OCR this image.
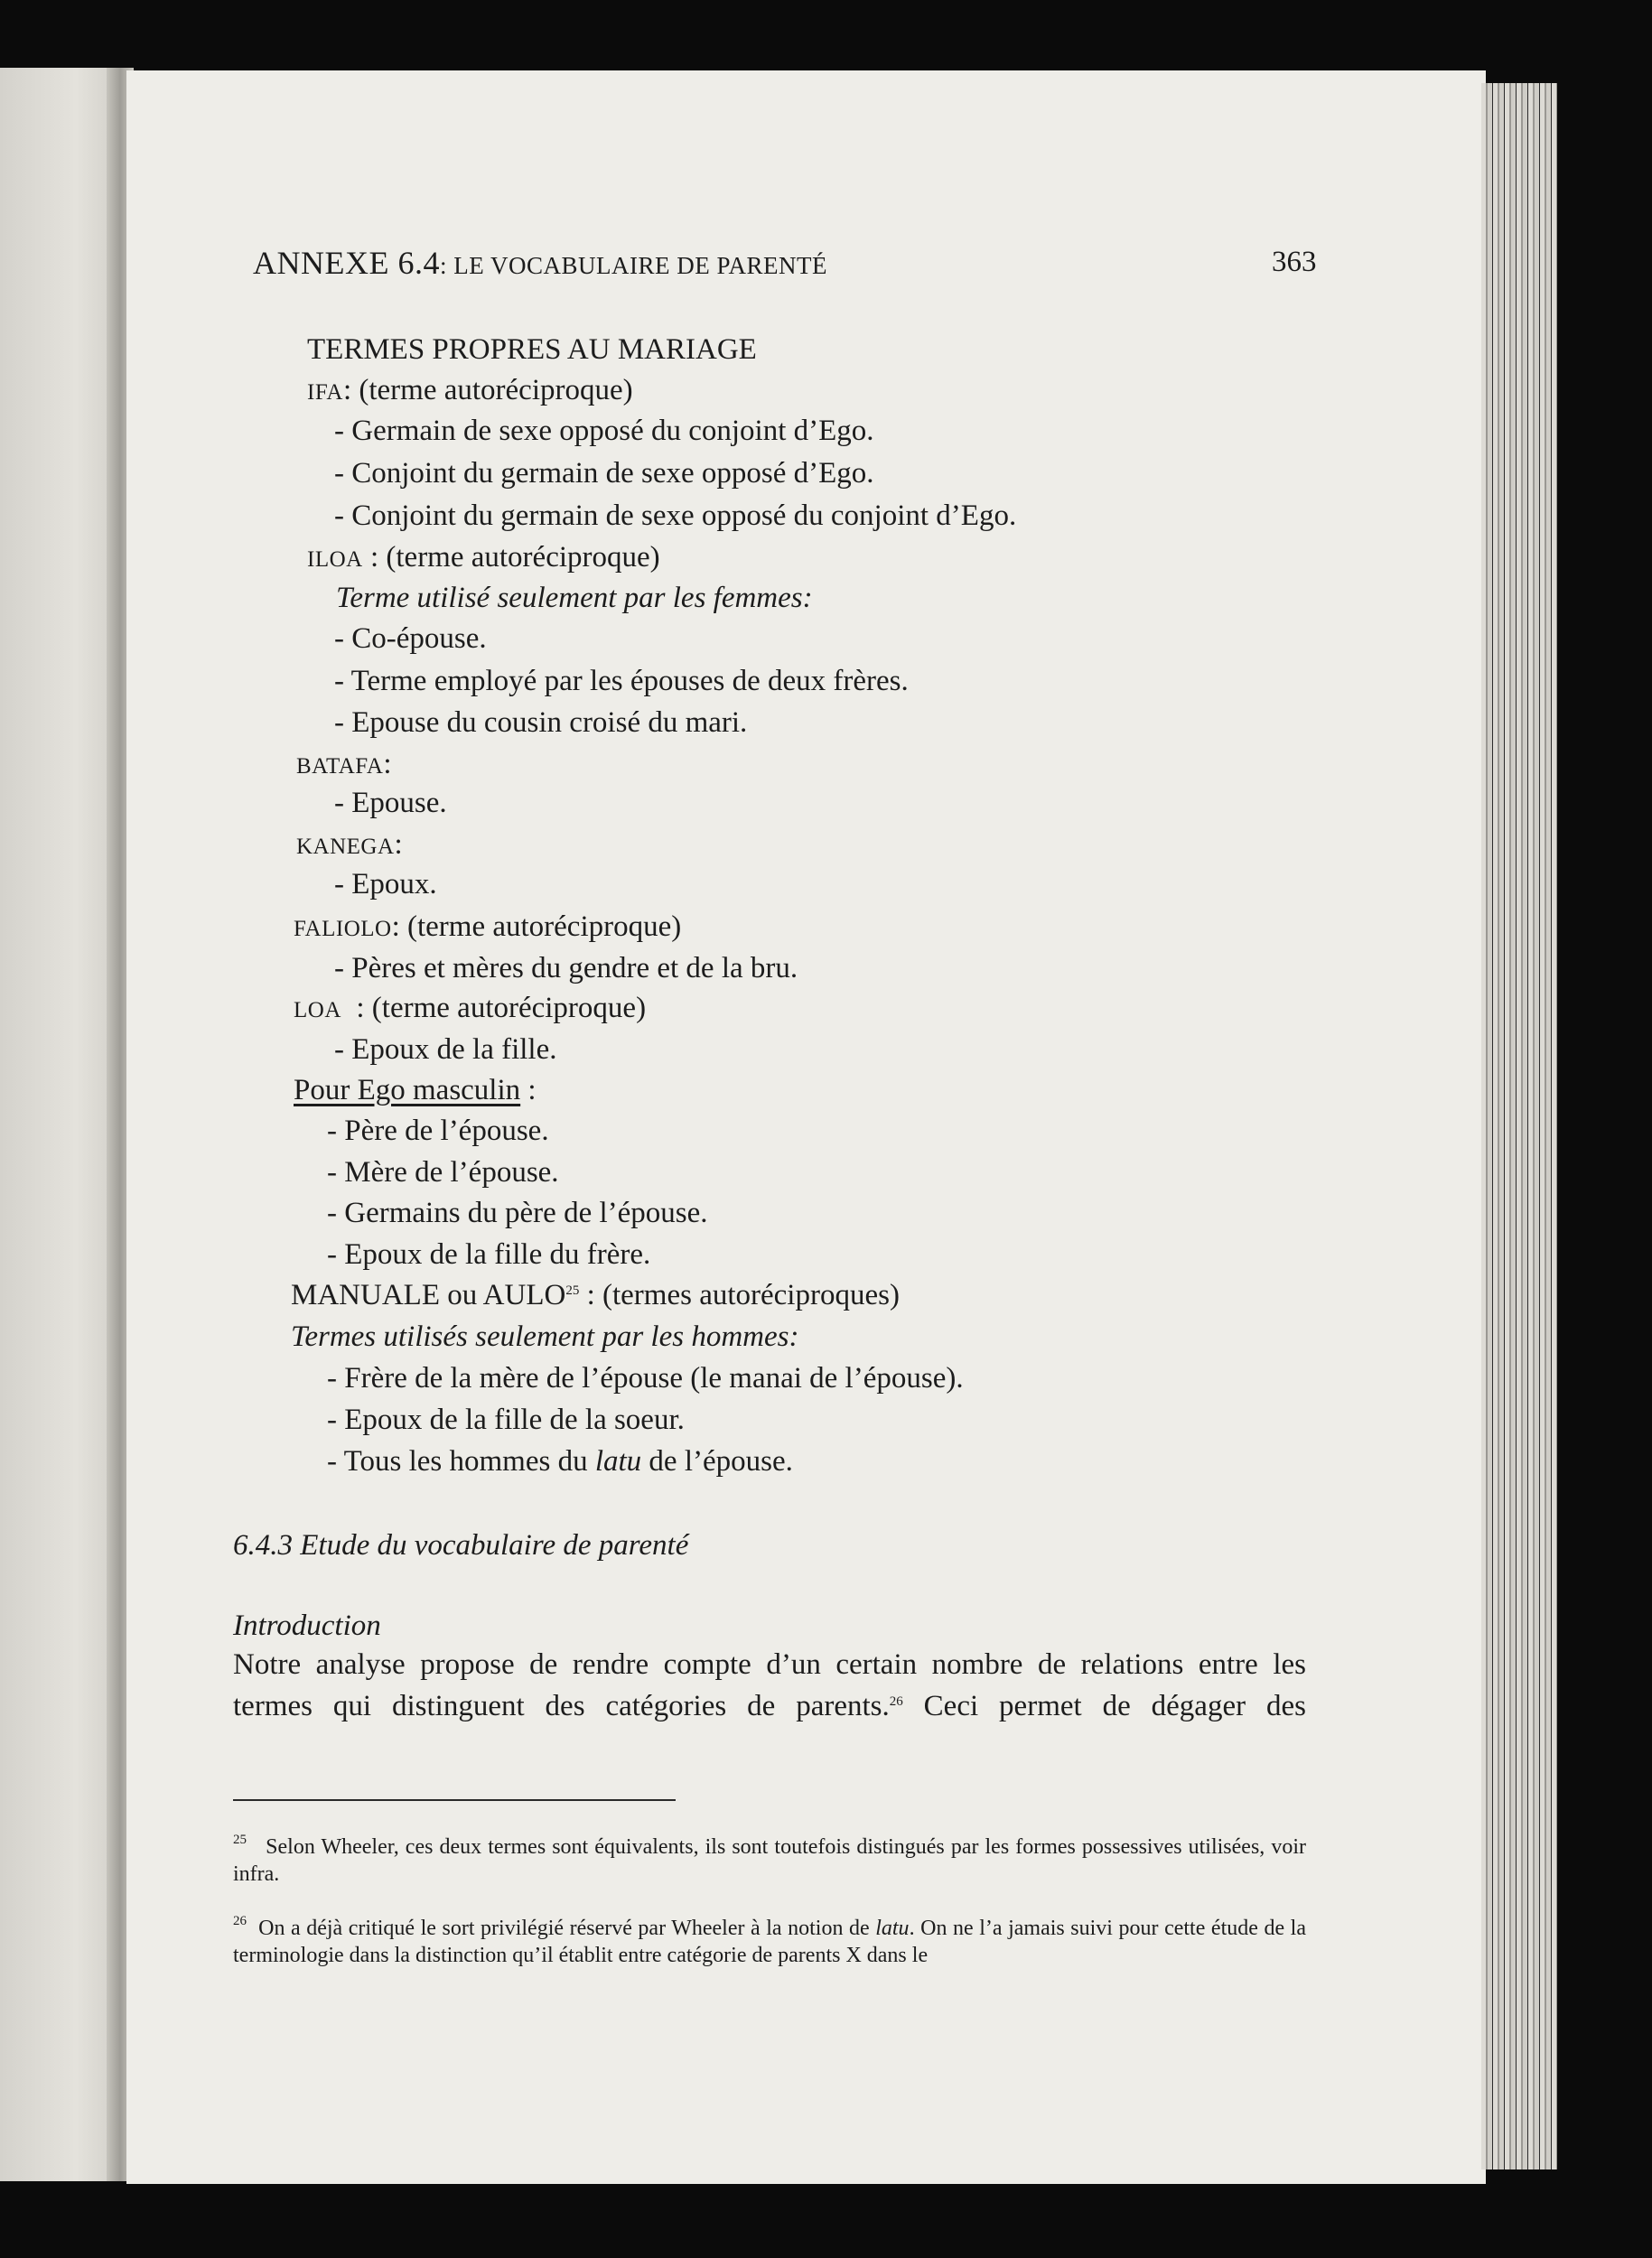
ANNEXE 6.4: LE VOCABULAIRE DE PARENTÉ	363
TERMES PROPRES AU MARIAGE
IFA: (terme autoréciproque)
- Germain de sexe opposé du conjoint d’Ego.
- Conjoint du germain de sexe opposé d’Ego.
- Conjoint du germain de sexe opposé du conjoint d’Ego.
ILOA : (terme autoréciproque)
Terme utilisé seulement par les femmes:
- Co-épouse.
- Terme employé par les épouses de deux frères.
- Epouse du cousin croisé du mari.
BATAFA:
- Epouse.
KANEGA:
- Epoux.
FALIOLO: (terme autoréciproque)
- Pères et mères du gendre et de la bru.
LOA  : (terme autoréciproque)
- Epoux de la fille.
Pour Ego masculin :
- Père de l’épouse.
- Mère de l’épouse.
- Germains du père de l’épouse.
- Epoux de la fille du frère.
MANUALE ou AULO$^{25}$ : (termes autoréciproques)
Termes utilisés seulement par les hommes:
- Frère de la mère de l’épouse (le manai de l’épouse).
- Epoux de la fille de la soeur.
- Tous les hommes du latu de l’épouse.
6.4.3 Etude du vocabulaire de parenté
Introduction
Notre analyse propose de rendre compte d’un certain nombre de relations entre les
termes qui distinguent des catégories de parents.$^{26}$ Ceci permet de dégager des
$^{25}$ Selon Wheeler, ces deux termes sont équivalents, ils sont toutefois distingués par les formes possessives utilisées, voir infra.
$^{26}$ On a déjà critiqué le sort privilégié réservé par Wheeler à la notion de latu. On ne l’a jamais suivi pour cette étude de la terminologie dans la distinction qu’il établit entre catégorie de parents X dans le
